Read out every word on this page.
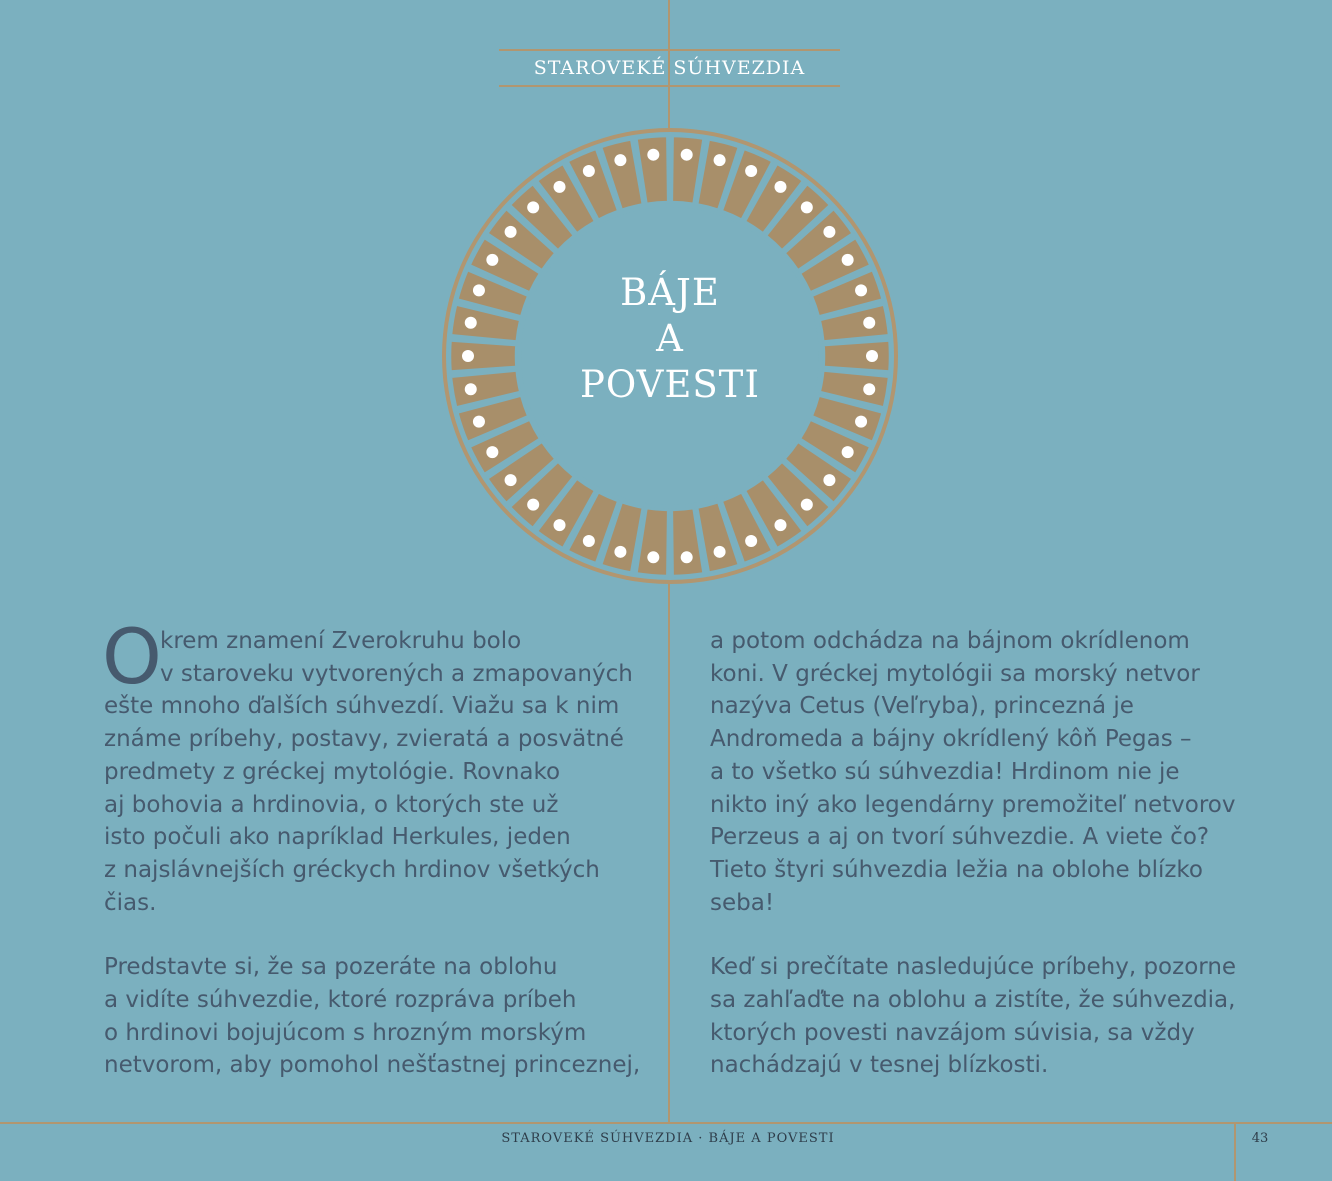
STAROVEKÉ SÚHVEZDIA
BÁJE
A
POVESTI
O

krem znamení Zverokruhu bolo
v staroveku vytvorených a zmapovaných
ešte mnoho ďalších súhvezdí. Viažu sa k nim
známe príbehy, postavy, zvieratá a posvätné
predmety z gréckej mytológie. Rovnako
aj bohovia a hrdinovia, o ktorých ste už
isto počuli ako napríklad Herkules, jeden
z najslávnejších gréckych hrdinov všetkých
čias.

Predstavte si, že sa pozeráte na oblohu
a vidíte súhvezdie, ktoré rozpráva príbeh
o hrdinovi bojujúcom s hrozným morským
netvorom, aby pomohol nešťastnej princeznej,

a potom odchádza na bájnom okrídlenom
koni. V gréckej mytológii sa morský netvor
nazýva Cetus (Veľryba), princezná je
Andromeda a bájny okrídlený kôň Pegas –
a to všetko sú súhvezdia! Hrdinom nie je
nikto iný ako legendárny premožiteľ netvorov
Perzeus a aj on tvorí súhvezdie. A viete čo?
Tieto štyri súhvezdia ležia na oblohe blízko
seba!

Keď si prečítate nasledujúce príbehy, pozorne
sa zahľaďte na oblohu a zistíte, že súhvezdia,
ktorých povesti navzájom súvisia, sa vždy
nachádzajú v tesnej blízkosti.

STAROVEKÉ SÚHVEZDIA · BÁJE A POVESTI	43
